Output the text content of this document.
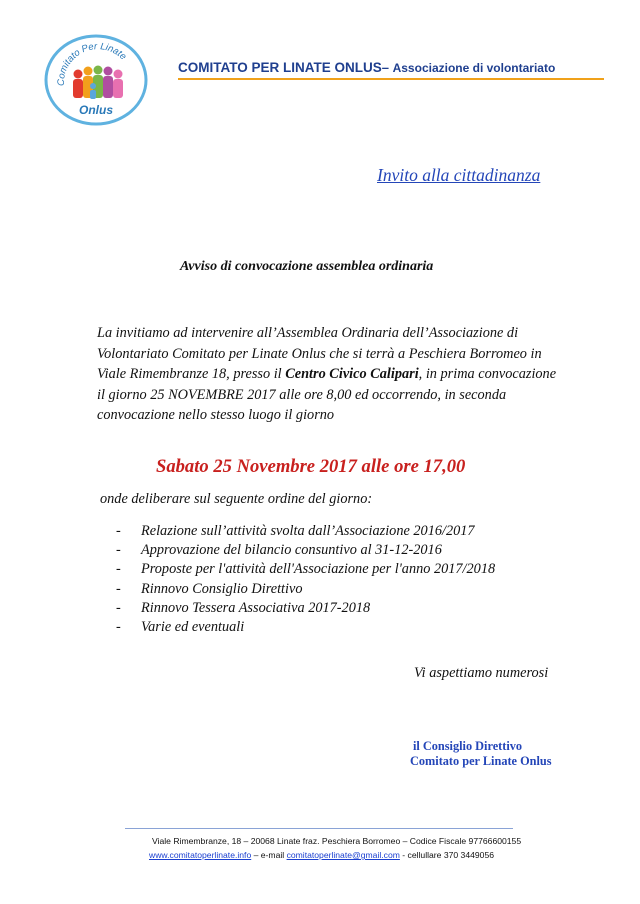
Comitato Per Linate
Onlus
COMITATO PER LINATE ONLUS– Associazione di volontariato
Invito alla cittadinanza
Avviso di convocazione assemblea ordinaria
La invitiamo ad intervenire all’Assemblea Ordinaria dell’Associazione di Volontariato Comitato per Linate Onlus che si terrà a Peschiera Borromeo in Viale Rimembranze 18, presso il Centro Civico Calipari, in prima convocazione il giorno 25 NOVEMBRE 2017 alle ore 8,00 ed occorrendo, in seconda convocazione nello stesso luogo il giorno
Sabato 25 Novembre 2017 alle ore 17,00
onde deliberare sul seguente ordine del giorno:
- Relazione sull’attività svolta dall’Associazione 2016/2017
- Approvazione del bilancio consuntivo al 31-12-2016
- Proposte per l'attività dell'Associazione per l'anno 2017/2018
- Rinnovo Consiglio Direttivo
- Rinnovo Tessera Associativa 2017-2018
- Varie ed eventuali
Vi aspettiamo numerosi
il Consiglio Direttivo
Comitato per Linate Onlus
Viale Rimembranze, 18 – 20068 Linate fraz. Peschiera Borromeo – Codice Fiscale 97766600155
www.comitatoperlinate.info – e-mail comitatoperlinate@gmail.com - cellullare 370 3449056
